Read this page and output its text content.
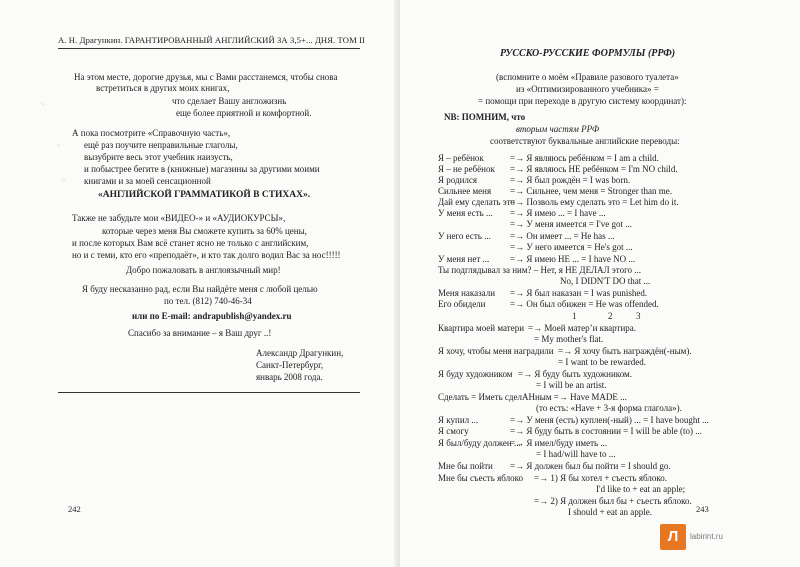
А. Н. Драгункин. ГАРАНТИРОВАННЫЙ АНГЛИЙСКИЙ ЗА 3,5+... ДНЯ. ТОМ II
На этом месте, дорогие друзья, мы с Вами расстанемся, чтобы снова
встретиться в других моих книгах,
что сделает Вашу англожизнь
еще более приятной и комфортной.
А пока посмотрите «Справочную часть»,
ещё раз поучите неправильные глаголы,
вызубрите весь этот учебник наизусть,
и побыстрее бегите в (книжные) магазины за другими моими
книгами и за моей сенсационной
«АНГЛИЙСКОЙ ГРАММАТИКОЙ В СТИХАХ».
Также не забудьте мои «ВИДЕО-» и «АУДИОКУРСЫ»,
которые через меня Вы сможете купить за 60% цены,
и после которых Вам всё станет ясно не только с английским,
но и с теми, кто его «преподаёт», и кто так долго водил Вас за нос!!!!!
Добро пожаловать в англоязычный мир!
Я буду несказанно рад, если Вы найдёте меня с любой целью
по тел. (812) 740-46-34
или по E-mail: andrapublish@yandex.ru
Спасибо за внимание – я Ваш друг ..!
Александр Драгункин,
Санкт-Петербург,
январь 2008 года.
242
⁖
⁖
⁘
РУССКО-РУССКИЕ ФОРМУЛЫ (РРФ)
(вспомните о моём «Правиле разового туалета»
из «Оптимизированного учебника» =
= помощи при переходе в другую систему координат):
NB: ПОМНИМ, что
вторым частям РРФ
соответствуют буквальные английские переводы:
Я – ребёнок	=→ Я являюсь ребёнком = I am a child.
Я – не ребёнок =→ Я являюсь НЕ ребёнком = I'm NO child.
Я родился	=→ Я был рождён = I was born.
Сильнее меня =→ Сильнее, чем меня = Stronger than me.
Дай ему сделать это
=→ Позволь ему сделать это = Let him do it.
У меня есть ... =→ Я имею ... = I have ...
=→ У меня имеется = I've got ...
У него есть ... =→ Он имеет ... = He has ...
=→ У него имеется = He's got ...
У меня нет ... =→ Я имею НЕ ... = I have NO ...
Ты подглядывал за ним? – Нет, я НЕ ДЕЛАЛ этого ...
No, I DIDN'T DO that ...
Меня наказали =→ Я был наказан = I was punished.
Его обидели	=→ Он был обижен = He was offended.
1	2	3
Квартира моей матери =→ Моей матерʼи квартира.
= My mother's flat.
Я хочу, чтобы меня наградили =→ Я хочу быть награждён(-ным).
= I want to be rewarded.
Я буду художником =→ Я буду быть художником.
= I will be an artist.
Сделать = Иметь сделАНным =→ Have MADE ...
(то есть: «Have + 3-я форма глагола»).
Я купил ...	=→ У меня (есть) куплен(-ный) ... = I have bought ...
Я смогу	=→ Я буду быть в состоянии = I will be able (to) ...
Я был/буду должен ...
=→ Я имел/буду иметь ...
= I had/will have to ...
Мне бы пойти =→ Я должен был бы пойти = I should go.
Мне бы съесть яблоко =→ 1) Я бы хотел + съесть яблоко.
I'd like to + eat an apple;
=→ 2) Я должен был бы + съесть яблоко.
I should + eat an apple.	243
Л	labirint.ru
